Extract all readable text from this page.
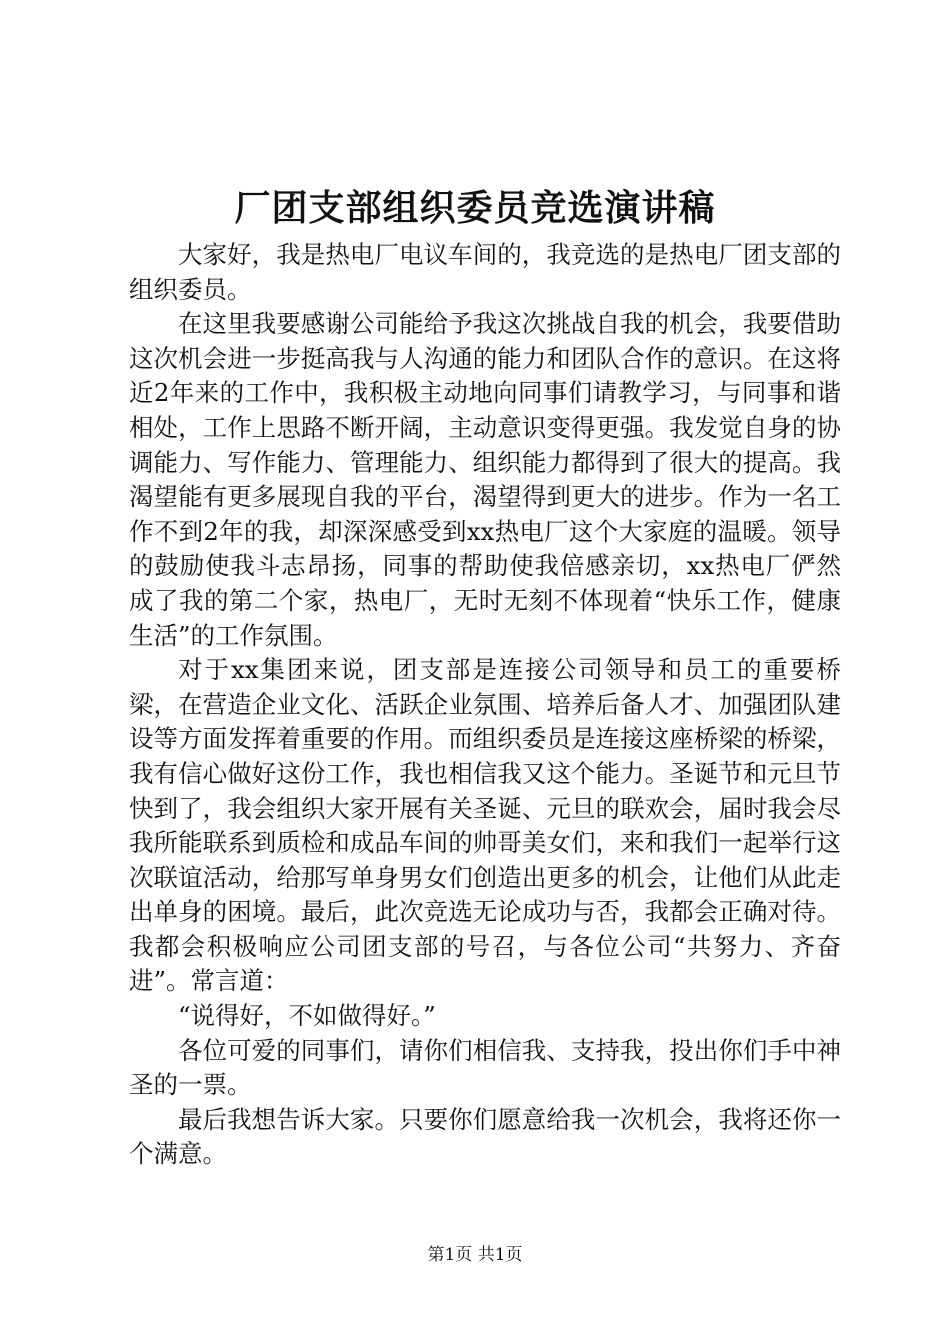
厂团支部组织委员竞选演讲稿

大家好，我是热电厂电议车间的，我竞选的是热电厂团支部的组织委员。

在这里我要感谢公司能给予我这次挑战自我的机会，我要借助这次机会进一步挺高我与人沟通的能力和团队合作的意识。在这将近2年来的工作中，我积极主动地向同事们请教学习，与同事和谐相处，工作上思路不断开阔，主动意识变得更强。我发觉自身的协调能力、写作能力、管理能力、组织能力都得到了很大的提高。我渴望能有更多展现自我的平台，渴望得到更大的进步。作为一名工作不到2年的我，却深深感受到xx热电厂这个大家庭的温暖。领导的鼓励使我斗志昂扬，同事的帮助使我倍感亲切，xx热电厂俨然成了我的第二个家，热电厂，无时无刻不体现着“快乐工作，健康生活”的工作氛围。

对于xx集团来说，团支部是连接公司领导和员工的重要桥梁，在营造企业文化、活跃企业氛围、培养后备人才、加强团队建设等方面发挥着重要的作用。而组织委员是连接这座桥梁的桥梁，我有信心做好这份工作，我也相信我又这个能力。圣诞节和元旦节快到了，我会组织大家开展有关圣诞、元旦的联欢会，届时我会尽我所能联系到质检和成品车间的帅哥美女们，来和我们一起举行这次联谊活动，给那写单身男女们创造出更多的机会，让他们从此走出单身的困境。最后，此次竞选无论成功与否，我都会正确对待。我都会积极响应公司团支部的号召，与各位公司“共努力、齐奋进”。常言道：

“说得好，不如做得好。”

各位可爱的同事们，请你们相信我、支持我，投出你们手中神圣的一票。

最后我想告诉大家。只要你们愿意给我一次机会，我将还你一个满意。

第1页 共1页
